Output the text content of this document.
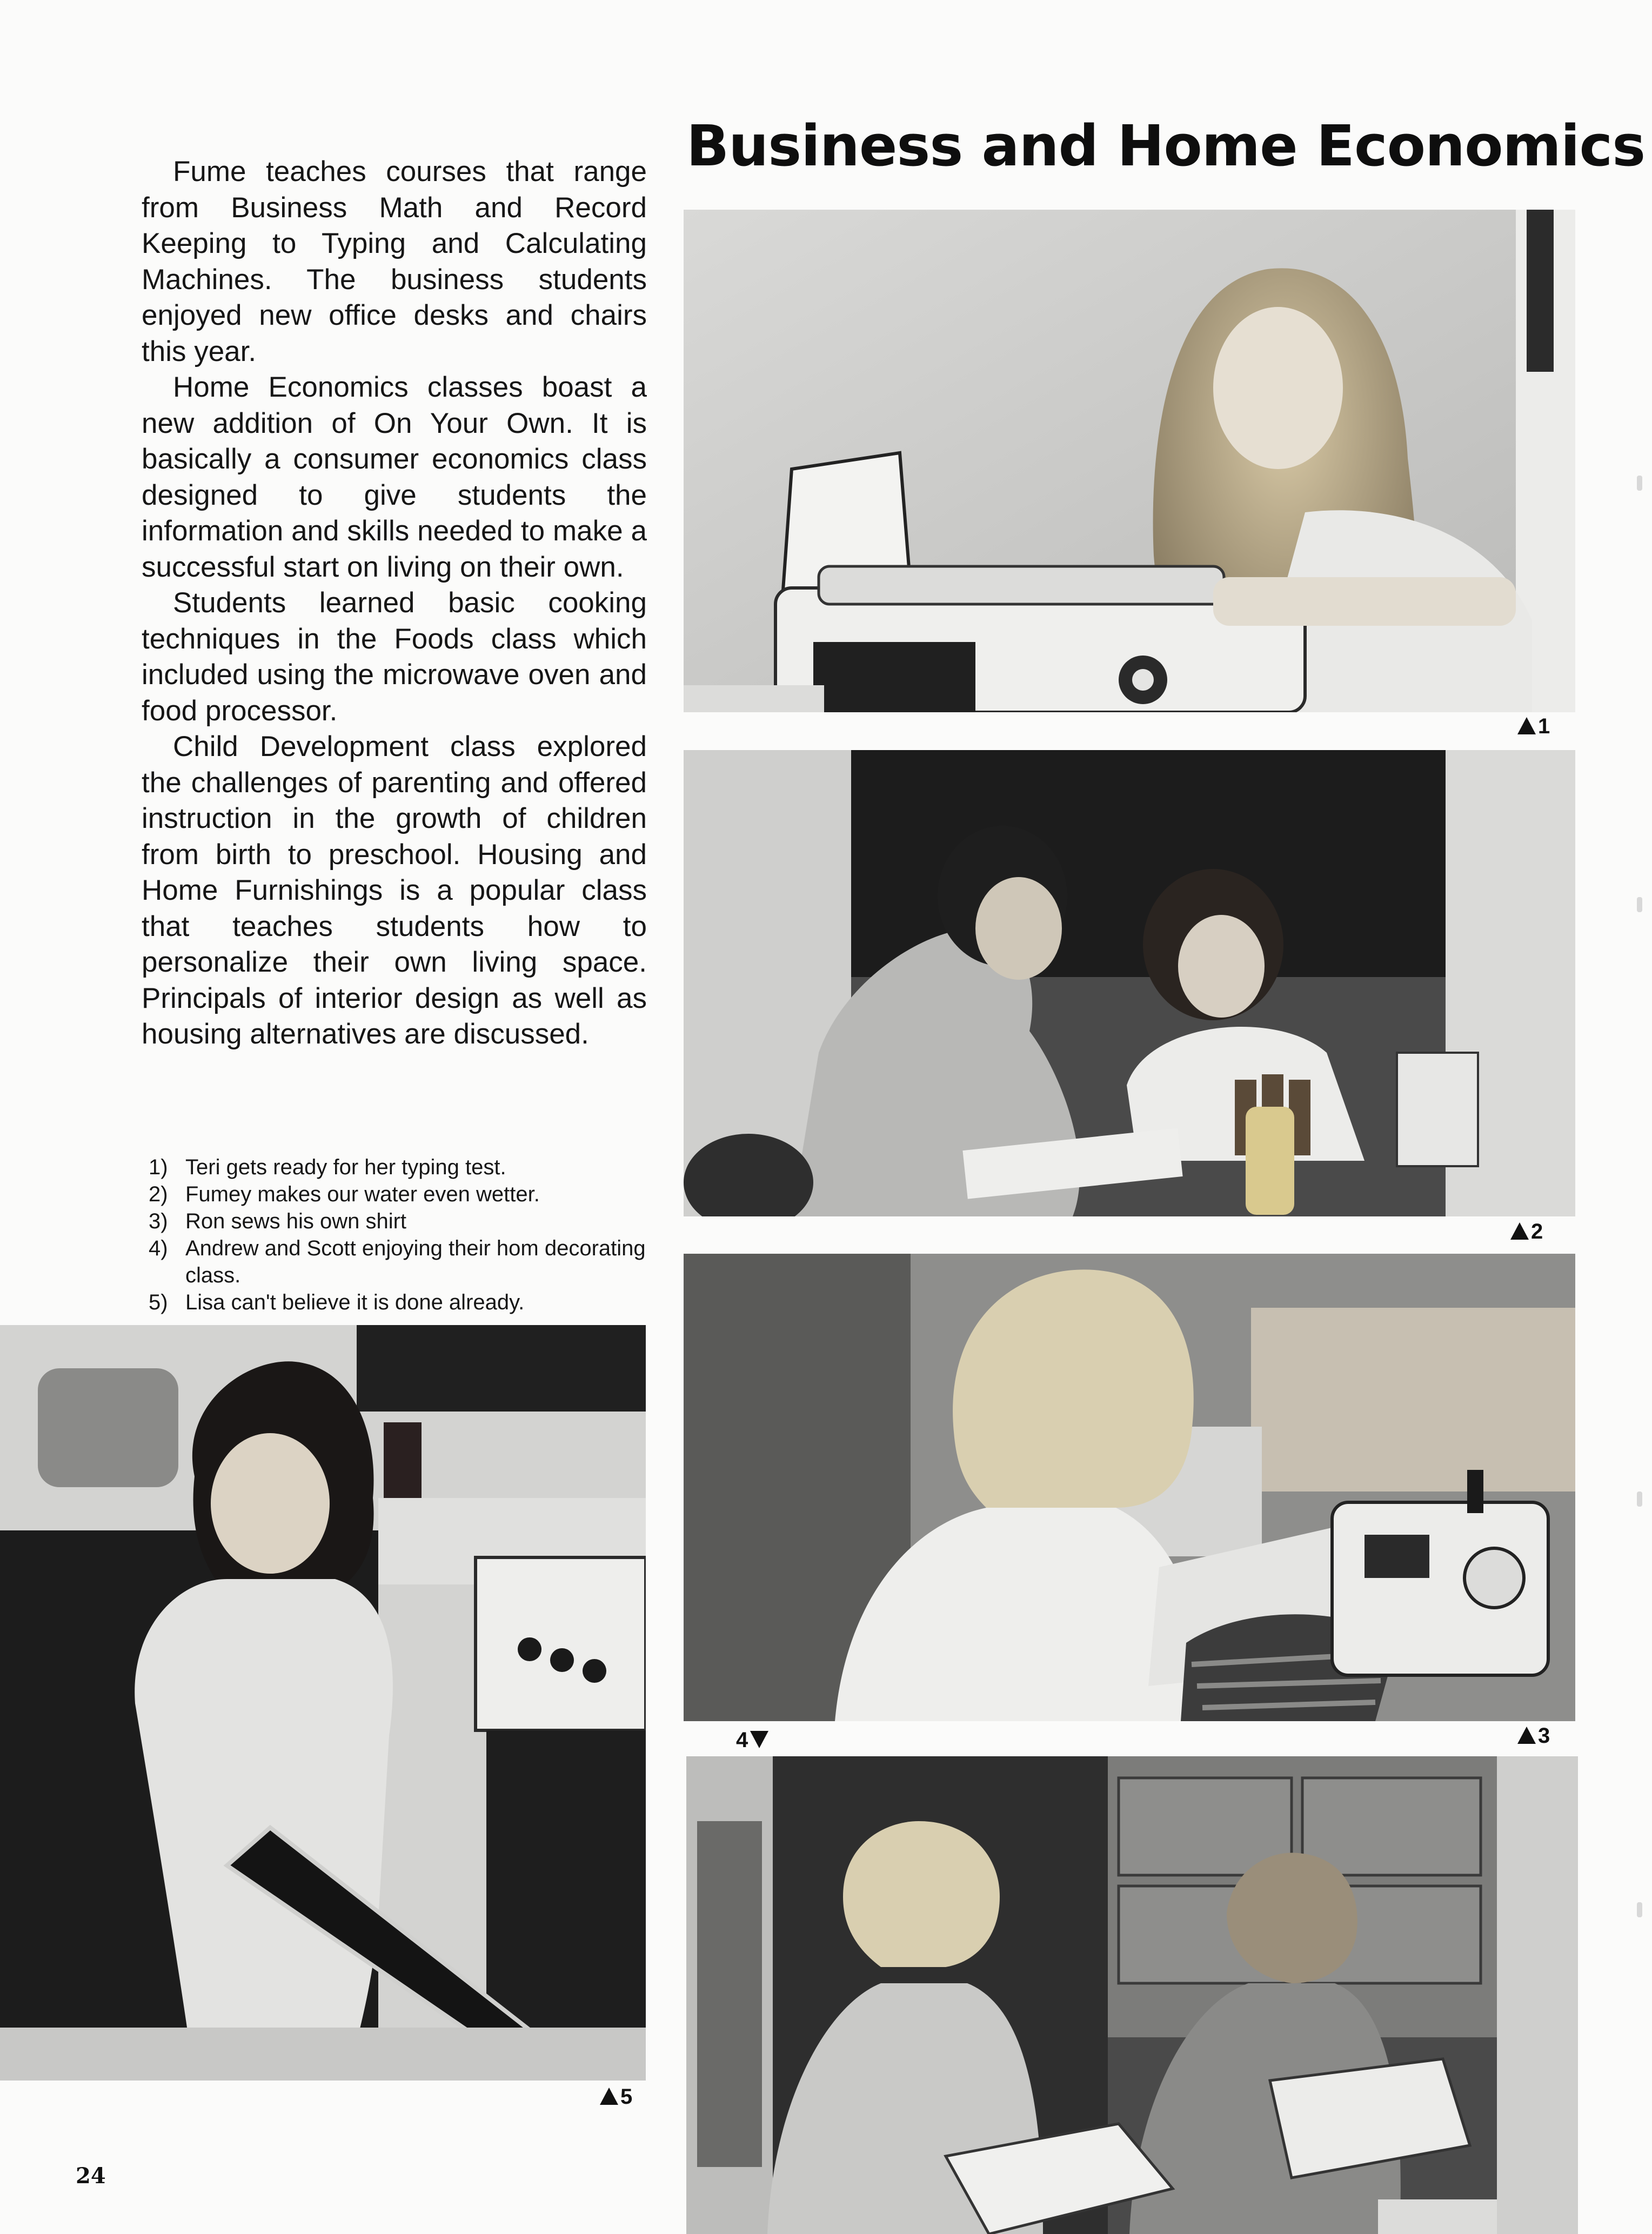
Business and Home Economics

Fume teaches courses that range from Business Math and Record Keeping to Typing and Calculating Machines. The business students enjoyed new office desks and chairs this year.

Home Economics classes boast a new addition of On Your Own. It is basically a consumer economics class designed to give students the information and skills needed to make a successful start on living on their own.

Students learned basic cooking techniques in the Foods class which included using the microwave oven and food processor.

Child Development class explored the challenges of parenting and offered instruction in the growth of children from birth to preschool. Housing and Home Furnishings is a popular class that teaches students how to personalize their own living space. Principals of interior design as well as housing alternatives are discussed.

1) Teri gets ready for her typing test.
2) Fumey makes our water even wetter.
3) Ron sews his own shirt
4) Andrew and Scott enjoying their hom decorating class.
5) Lisa can't believe it is done already.
1
2
3
4
5
24
